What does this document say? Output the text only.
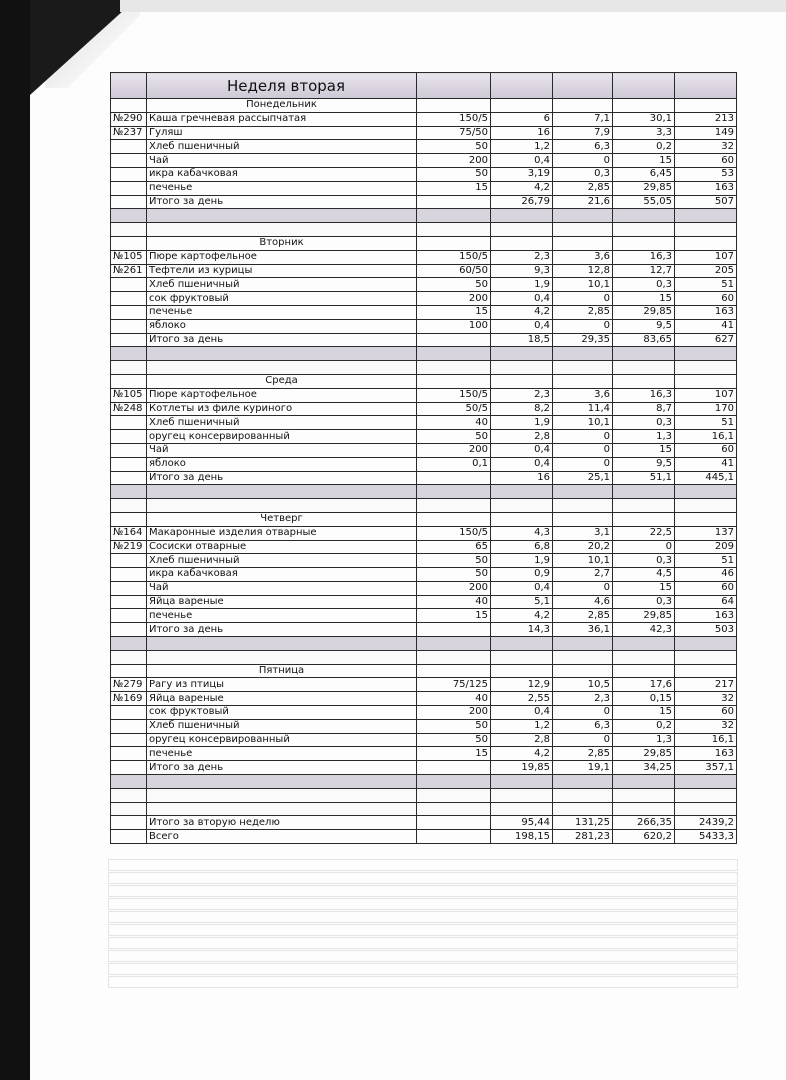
	Неделя вторая					
	Понедельник					
№290	Каша гречневая рассыпчатая	150/5	6	7,1	30,1	213
№237	Гуляш	75/50	16	7,9	3,3	149
	Хлеб пшеничный	50	1,2	6,3	0,2	32
	Чай	200	0,4	0	15	60
	икра кабачковая	50	3,19	0,3	6,45	53
	печенье	15	4,2	2,85	29,85	163
	Итого за день		26,79	21,6	55,05	507

	Вторник					
№105	Пюре картофельное	150/5	2,3	3,6	16,3	107
№261	Тефтели из курицы	60/50	9,3	12,8	12,7	205
	Хлеб пшеничный	50	1,9	10,1	0,3	51
	сок фруктовый	200	0,4	0	15	60
	печенье	15	4,2	2,85	29,85	163
	яблоко	100	0,4	0	9,5	41
	Итого за день		18,5	29,35	83,65	627

	Среда					
№105	Пюре картофельное	150/5	2,3	3,6	16,3	107
№248	Котлеты из филе куриного	50/5	8,2	11,4	8,7	170
	Хлеб пшеничный	40	1,9	10,1	0,3	51
	оругец консервированный	50	2,8	0	1,3	16,1
	Чай	200	0,4	0	15	60
	яблоко	0,1	0,4	0	9,5	41
	Итого за день		16	25,1	51,1	445,1

	Четверг					
№164	Макаронные изделия отварные	150/5	4,3	3,1	22,5	137
№219	Сосиски отварные	65	6,8	20,2	0	209
	Хлеб пшеничный	50	1,9	10,1	0,3	51
	икра кабачковая	50	0,9	2,7	4,5	46
	Чай	200	0,4	0	15	60
	Яйца вареные	40	5,1	4,6	0,3	64
	печенье	15	4,2	2,85	29,85	163
	Итого за день		14,3	36,1	42,3	503

	Пятница					
№279	Рагу из птицы	75/125	12,9	10,5	17,6	217
№169	Яйца вареные	40	2,55	2,3	0,15	32
	сок фруктовый	200	0,4	0	15	60
	Хлеб пшеничный	50	1,2	6,3	0,2	32
	оругец консервированный	50	2,8	0	1,3	16,1
	печенье	15	4,2	2,85	29,85	163
	Итого за день		19,85	19,1	34,25	357,1

	Итого за вторую неделю		95,44	131,25	266,35	2439,2
	Всего		198,15	281,23	620,2	5433,3
